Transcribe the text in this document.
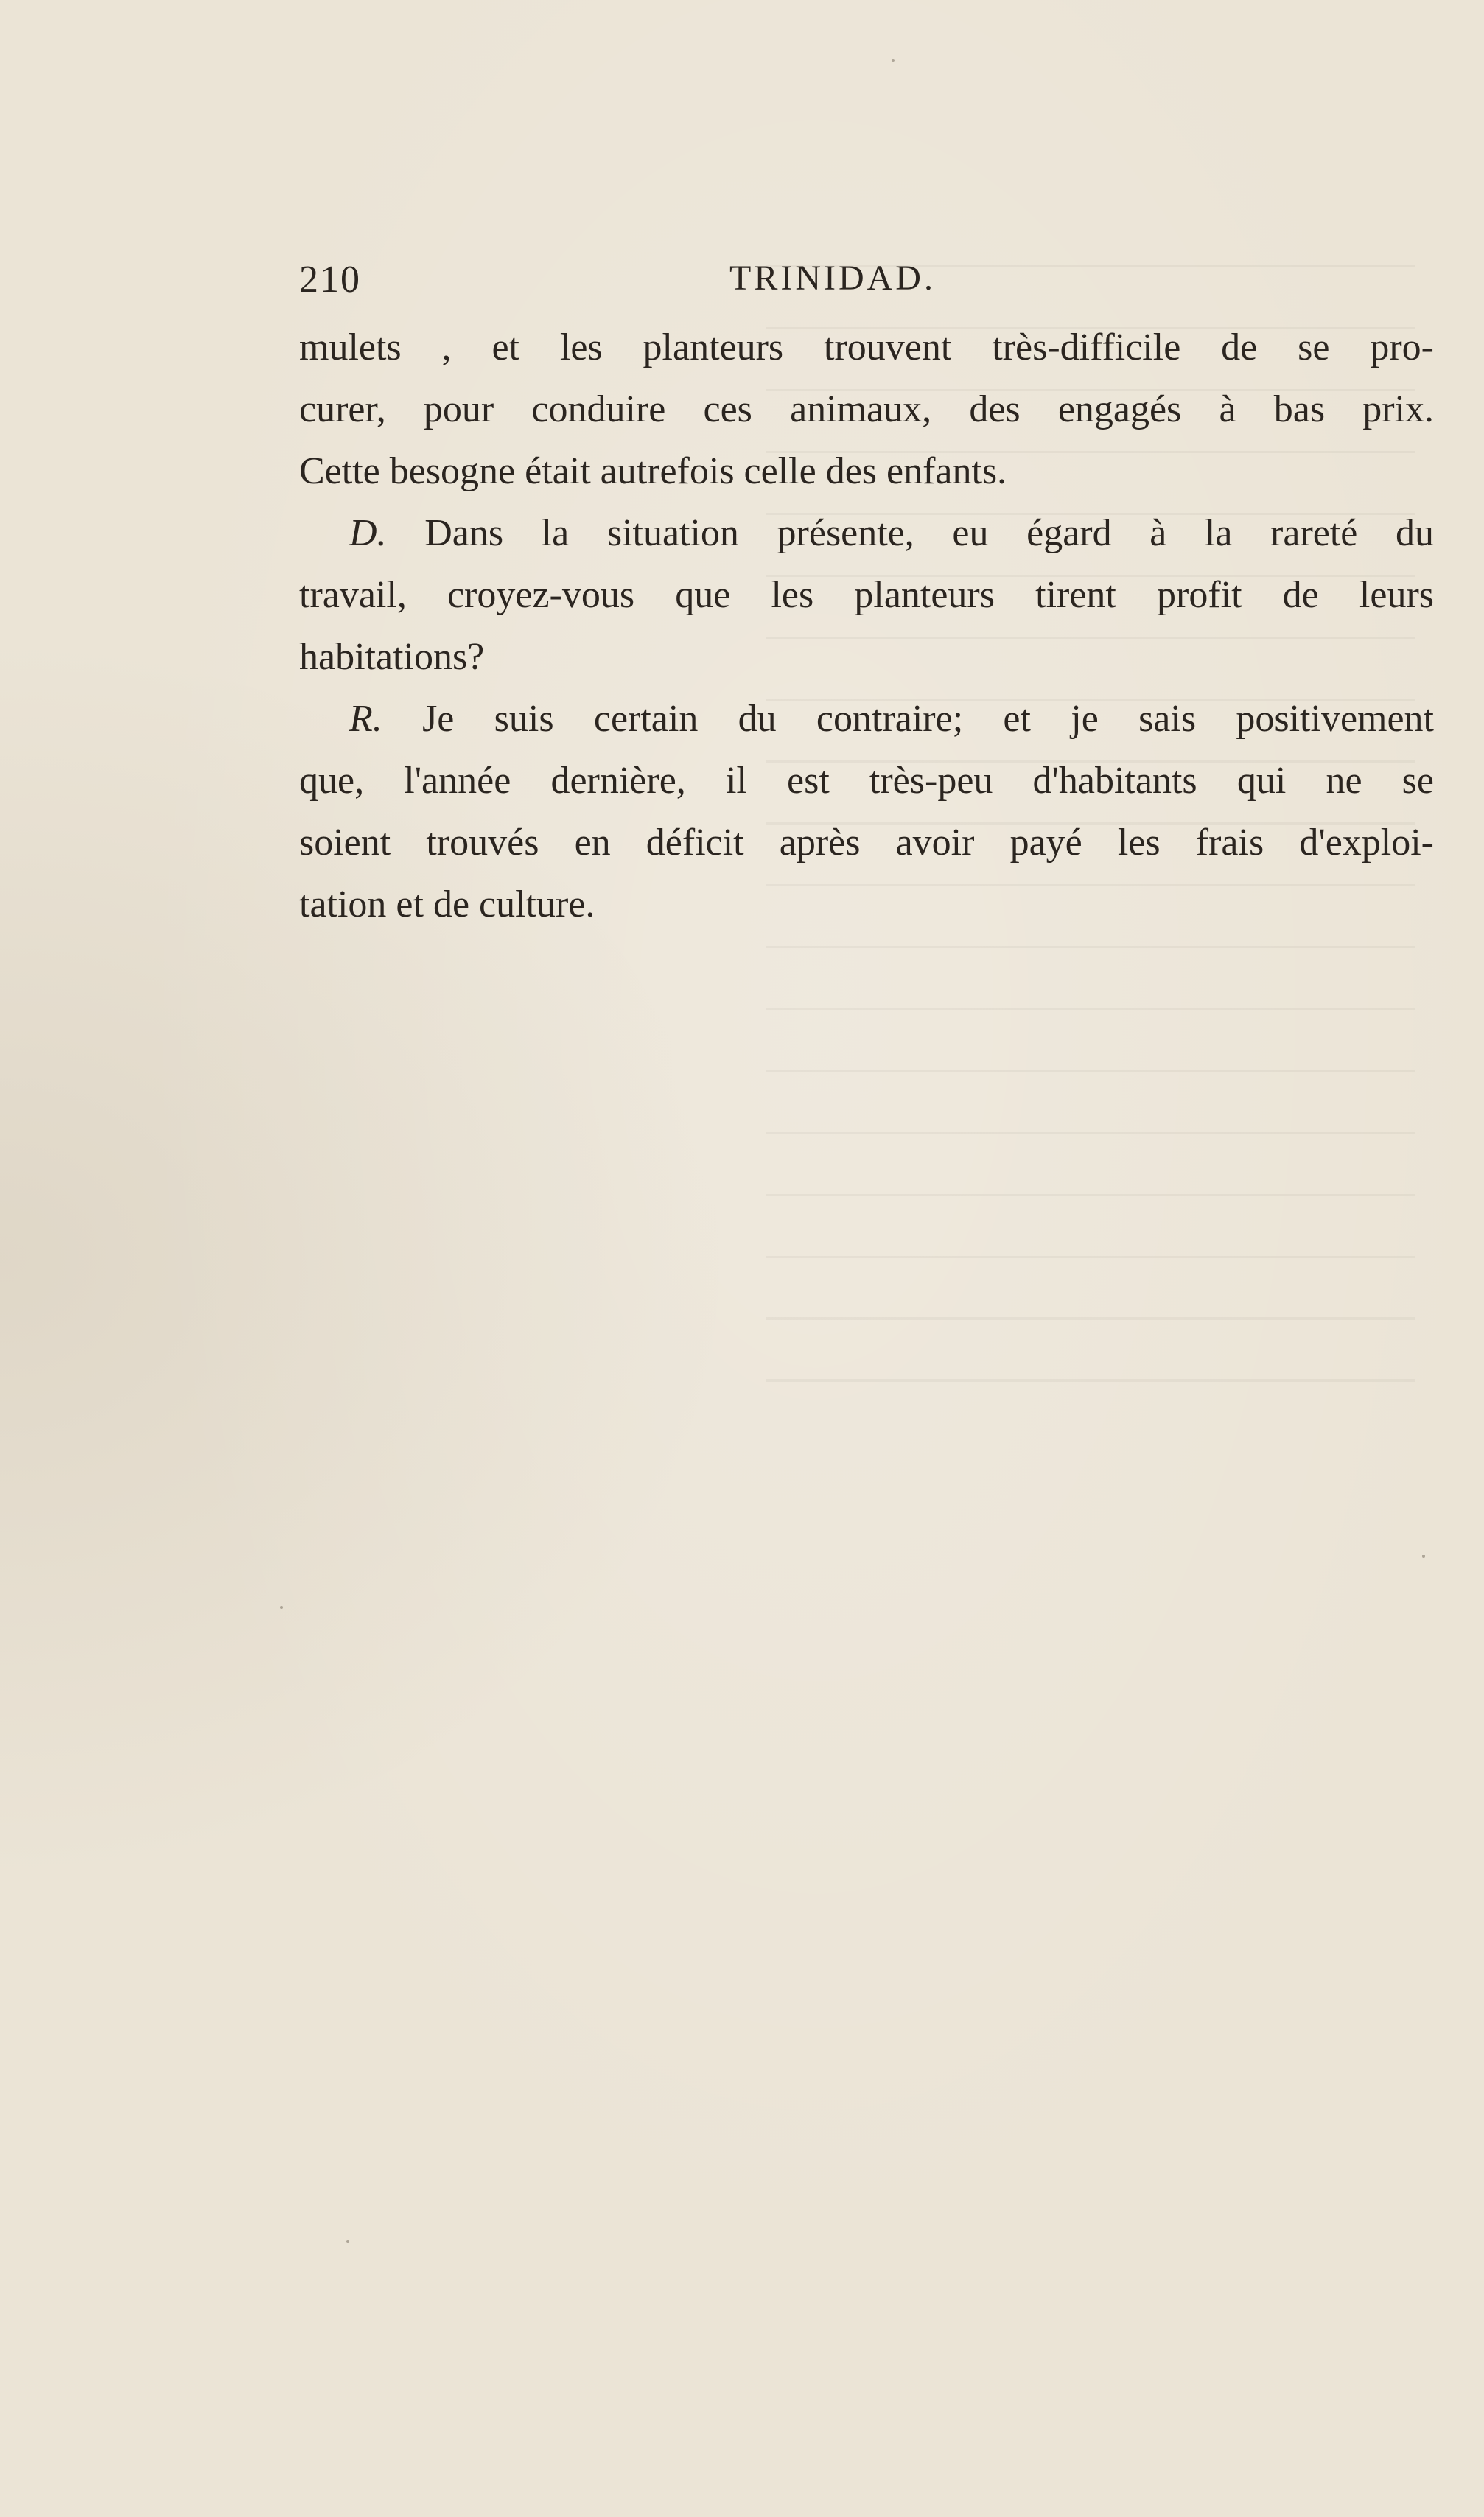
210	TRINIDAD.
mulets , et les planteurs trouvent très-difficile de se pro-
curer, pour conduire ces animaux, des engagés à bas prix.
Cette besogne était autrefois celle des enfants.
D. Dans la situation présente, eu égard à la rareté du
travail, croyez-vous que les planteurs tirent profit de leurs
habitations?
R. Je suis certain du contraire; et je sais positivement
que, l'année dernière, il est très-peu d'habitants qui ne se
soient trouvés en déficit après avoir payé les frais d'exploi-
tation et de culture.
